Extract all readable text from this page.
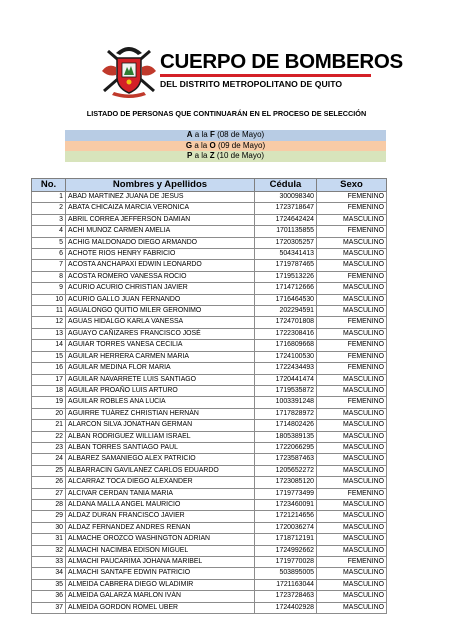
CUERPO DE BOMBEROS
DEL DISTRITO METROPOLITANO DE QUITO
LISTADO DE PERSONAS QUE CONTINUARÁN EN EL PROCESO DE SELECCIÓN
A a la F (08 de Mayo)
G a la O (09 de Mayo)
P a la Z (10 de Mayo)
No.	Nombres y Apellidos	Cédula	Sexo
1	ABAD MARTINEZ JUANA DE JESUS	300098340	FEMENINO
2	ABATA CHICAIZA MARCIA VERONICA	1723718647	FEMENINO
3	ABRIL CORREA JEFFERSON DAMIAN	1724642424	MASCULINO
4	ACHI MUNOZ CARMEN AMELIA	1701135855	FEMENINO
5	ACHIG MALDONADO DIEGO ARMANDO	1720305257	MASCULINO
6	ACHOTE RIOS HENRY FABRICIO	504341413	MASCULINO
7	ACOSTA ANCHAPAXI EDWIN LEONARDO	1719787465	MASCULINO
8	ACOSTA ROMERO VANESSA ROCIO	1719513226	FEMENINO
9	ACURIO ACURIO CHRISTIAN JAVIER	1714712666	MASCULINO
10	ACURIO GALLO JUAN FERNANDO	1716464530	MASCULINO
11	AGUALONGO QUITIO MILER GERONIMO	202294591	MASCULINO
12	AGUAS HIDALGO KARLA VANESSA	1724701808	FEMENINO
13	AGUAYO CAÑIZARES FRANCISCO JOSÉ	1722308416	MASCULINO
14	AGUIAR TORRES VANESA CECILIA	1716809668	FEMENINO
15	AGUILAR HERRERA CARMEN MARIA	1724100530	FEMENINO
16	AGUILAR MEDINA FLOR MARIA	1722434493	FEMENINO
17	AGUILAR NAVARRETE LUIS SANTIAGO	1720441474	MASCULINO
18	AGUILAR PROAÑO LUIS ARTURO	1719535872	MASCULINO
19	AGUILAR ROBLES ANA LUCIA	1003391248	FEMENINO
20	AGUIRRE TUÁREZ CHRISTIAN HERNÁN	1717828972	MASCULINO
21	ALARCON SILVA JONATHAN GERMAN	1714802426	MASCULINO
22	ALBAN RODRIGUEZ WILLIAM ISRAEL	1805389135	MASCULINO
23	ALBAN TORRES SANTIAGO PAUL	1722066295	MASCULINO
24	ALBAREZ SAMANIEGO ALEX PATRICIO	1723587463	MASCULINO
25	ALBARRACIN GAVILANEZ CARLOS EDUARDO	1205652272	MASCULINO
26	ALCARRAZ TOCA DIEGO ALEXANDER	1723085120	MASCULINO
27	ALCIVAR CERDAN TANIA MARIA	1719773499	FEMENINO
28	ALDANA MALLA ANGEL MAURICIO	1723460091	MASCULINO
29	ALDAZ DURAN FRANCISCO JAVIER	1721214656	MASCULINO
30	ALDAZ FERNANDEZ ANDRES RENAN	1720036274	MASCULINO
31	ALMACHE OROZCO WASHINGTON ADRIAN	1718712191	MASCULINO
32	ALMACHI NACIMBA EDISON MIGUEL	1724992662	MASCULINO
33	ALMACHI PAUCARIMA JOHANA MARIBEL	1719770028	FEMENINO
34	ALMACHI SANTAFE EDWIN PATRICIO	503895005	MASCULINO
35	ALMEIDA CABRERA DIEGO WLADIMIR	1721163044	MASCULINO
36	ALMEIDA GALARZA MARLON IVÁN	1723728463	MASCULINO
37	ALMEIDA GORDON ROMEL UBER	1724402928	MASCULINO
